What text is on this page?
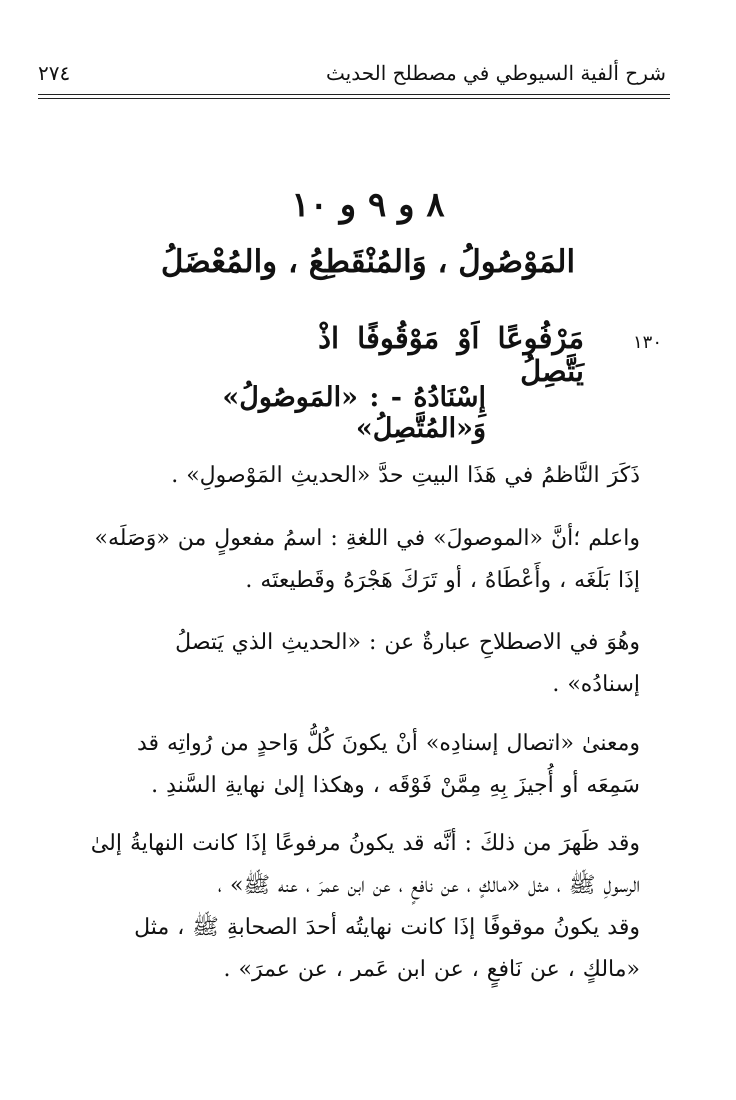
شرح ألفية السيوطي في مصطلح الحديث
٢٧٤
٨ و ٩ و ١٠
المَوْصُولُ ، وَالمُنْقَطِعُ ، والمُعْضَلُ
١٣٠
مَرْفُوعًا اَوْ مَوْقُوفًا اذْ يَتَّصِلُ
إِسْنَادُهُ - : «المَوصُولُ» وَ«المُتَّصِلُ»
ذَكَرَ النَّاظمُ في هَذَا البيتِ حدَّ «الحديثِ المَوْصولِ» .
واعلم ؛أنَّ «الموصولَ» في اللغةِ : اسمُ مفعولٍ من «وَصَلَه»
إذَا بَلَغَه ، وأَعْطَاهُ ، أو تَرَكَ هَجْرَهُ وقَطيعتَه .
وهُوَ في الاصطلاحِ عبارةٌ عن : «الحديثِ الذي يَتصلُ
إسنادُه» .
ومعنىٰ «اتصال إسنادِه» أنْ يكونَ كُلُّ وَاحدٍ من رُواتِه قد
سَمِعَه أو أُجيزَ بِهِ مِمَّنْ فَوْقَه ، وهكذا إلىٰ نهايةِ السَّندِ .
وقد ظَهرَ من ذلكَ : أنَّه قد يكونُ مرفوعًا إذَا كانت النهايةُ إلىٰ
الرسولِ ﷺ ، مثل «مالكٍ ، عن نافعٍ ، عن ابن عمرَ ، عنه ﷺ» ،
وقد يكونُ موقوفًا إذَا كانت نهايتُه أحدَ الصحابةِ ﷺ ، مثل
«مالكٍ ، عن نَافعٍ ، عن ابن عَمر ، عن عمرَ» .
